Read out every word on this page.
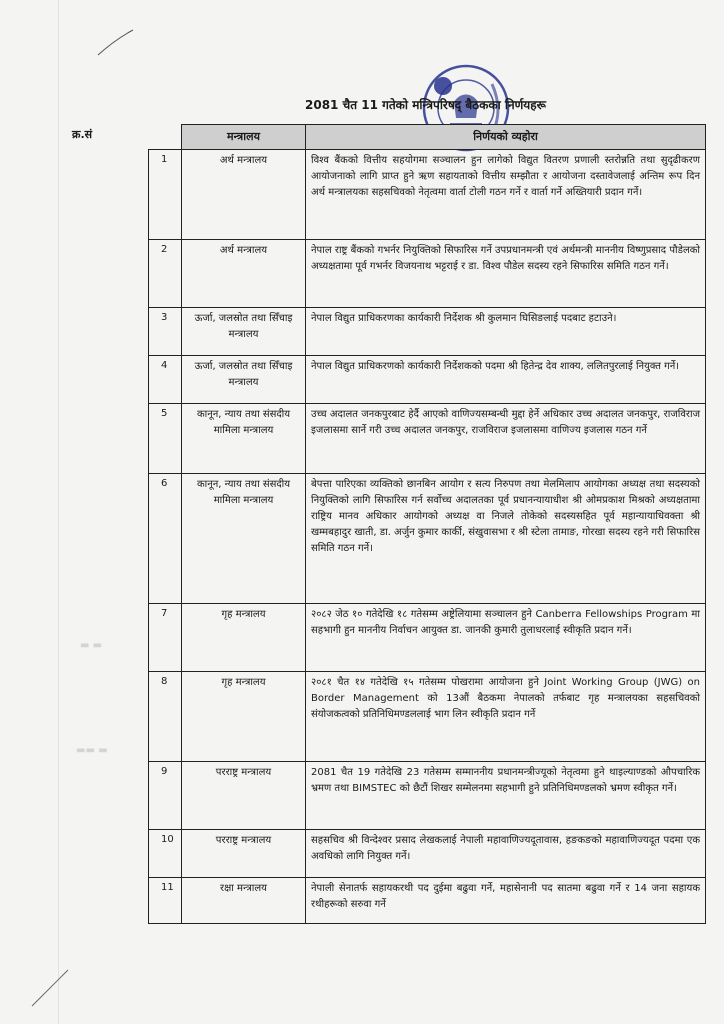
2081 चैत 11 गतेको मन्त्रिपरिषद् बैठकका निर्णयहरू
क्र.सं
▬ ▬
▬▬ ▬
	मन्त्रालय	निर्णयको व्यहोरा
1	अर्थ मन्त्रालय	विश्व बैंकको वित्तीय सहयोगमा सञ्चालन हुन लागेको विद्युत वितरण प्रणाली स्तरोन्नति तथा सुदृढीकरण आयोजनाको लागि प्राप्त हुने ऋण सहायताको वित्तीय सम्झौता र आयोजना दस्तावेजलाई अन्तिम रूप दिन अर्थ मन्त्रालयका सहसचिवको नेतृत्वमा वार्ता टोली गठन गर्ने र वार्ता गर्ने अख्तियारी प्रदान गर्ने।
2	अर्थ मन्त्रालय	नेपाल राष्ट्र बैंकको गभर्नर नियुक्तिको सिफारिस गर्ने उपप्रधानमन्त्री एवं अर्थमन्त्री माननीय विष्णुप्रसाद पौडेलको अध्यक्षतामा पूर्व गभर्नर विजयनाथ भट्टराई र डा. विश्व पौडेल सदस्य रहने सिफारिस समिति गठन गर्ने।
3	ऊर्जा, जलस्रोत तथा सिँचाइ मन्त्रालय	नेपाल विद्युत प्राधिकरणका कार्यकारी निर्देशक श्री कुलमान घिसिङलाई पदबाट हटाउने।
4	ऊर्जा, जलस्रोत तथा सिँचाइ मन्त्रालय	नेपाल विद्युत प्राधिकरणको कार्यकारी निर्देशकको पदमा श्री हितेन्द्र देव शाक्य, ललितपुरलाई नियुक्त गर्ने।
5	कानून, न्याय तथा संसदीय मामिला मन्त्रालय	उच्च अदालत जनकपुरबाट हेर्दै आएको वाणिज्यसम्बन्धी मुद्दा हेर्ने अधिकार उच्च अदालत जनकपुर, राजविराज इजलासमा सार्ने गरी उच्च अदालत जनकपुर, राजविराज इजलासमा वाणिज्य इजलास गठन गर्ने
6	कानून, न्याय तथा संसदीय मामिला मन्त्रालय	बेपत्ता पारिएका व्यक्तिको छानबिन आयोग र सत्य निरुपण तथा मेलमिलाप आयोगका अध्यक्ष तथा सदस्यको नियुक्तिको लागि सिफारिस गर्न सर्वोच्च अदालतका पूर्व प्रधानन्यायाधीश श्री ओमप्रकाश मिश्रको अध्यक्षतामा राष्ट्रिय मानव अधिकार आयोगको अध्यक्ष वा निजले तोकेको सदस्यसहित पूर्व महान्यायाधिवक्ता श्री खम्मबहादुर खाती, डा. अर्जुन कुमार कार्की, संखुवासभा र श्री स्टेला तामाङ, गोरखा सदस्य रहने गरी सिफारिस समिति गठन गर्ने।
7	गृह मन्त्रालय	२०८२ जेठ १० गतेदेखि १८ गतेसम्म अष्ट्रेलियामा सञ्चालन हुने Canberra Fellowships Program मा सहभागी हुन माननीय निर्वाचन आयुक्त डा. जानकी कुमारी तुलाधरलाई स्वीकृति प्रदान गर्ने।
8	गृह मन्त्रालय	२०८१ चैत १४ गतेदेखि १५ गतेसम्म पोखरामा आयोजना हुने Joint Working Group (JWG) on Border Management को 13औं बैठकमा नेपालको तर्फबाट गृह मन्त्रालयका सहसचिवको संयोजकत्वको प्रतिनिधिमण्डललाई भाग लिन स्वीकृति प्रदान गर्ने
9	परराष्ट्र मन्त्रालय	2081 चैत 19 गतेदेखि 23 गतेसम्म सम्माननीय प्रधानमन्त्रीज्यूको नेतृत्वमा हुने थाइल्याण्डको औपचारिक भ्रमण तथा BIMSTEC को छैटौं शिखर सम्मेलनमा सहभागी हुने प्रतिनिधिमण्डलको भ्रमण स्वीकृत गर्ने।
10	परराष्ट्र मन्त्रालय	सहसचिव श्री विन्देश्वर प्रसाद लेखकलाई नेपाली महावाणिज्यदूतावास, हङकङको महावाणिज्यदूत पदमा एक अवधिको लागि नियुक्त गर्ने।
11	रक्षा मन्त्रालय	नेपाली सेनातर्फ सहायकरथी पद दुईमा बढुवा गर्ने, महासेनानी पद सातमा बढुवा गर्ने र 14 जना सहायक रथीहरूको सरुवा गर्ने
